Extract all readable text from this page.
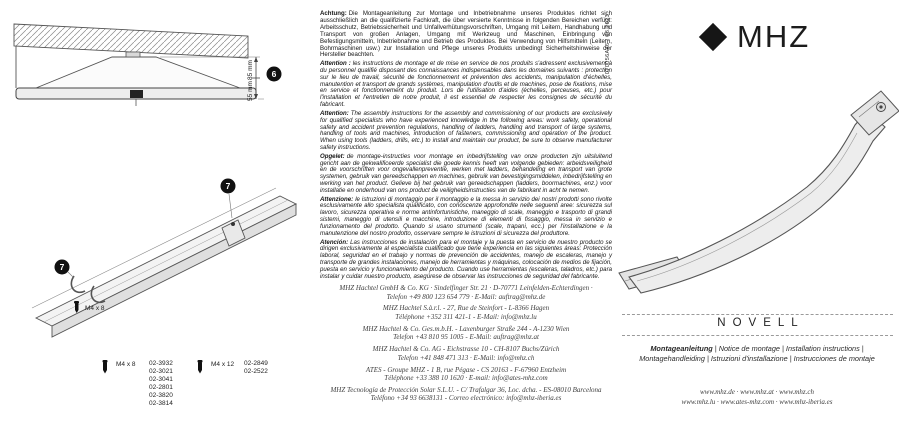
85 mm
55 mm
6
7
7
M4 x 8
M4 x 8	02-3932
02-3021
02-3041
02-2801
02-3820
02-3814
M4 x 12	02-2849
02-2522

Achtung: Die Montageanleitung zur Montage und Inbetriebnahme unseres Produktes richtet sich ausschließlich an die qualifizierte Fachkraft, die über versierte Kenntnisse in folgenden Bereichen verfügt: Arbeitsschutz, Betriebssicherheit und Unfallverhütungsvorschriften, Umgang mit Leitern, Handhabung und Transport von großen Anlagen, Umgang mit Werkzeug und Maschinen, Einbringung von Befestigungsmitteln, Inbetriebnahme und Betrieb des Produktes. Bei Verwendung von Hilfsmitteln (Leitern, Bohrmaschinen usw.) zur Installation und Pflege unseres Produkts unbedingt Sicherheitshinweise der Hersteller beachten.

Attention : les instructions de montage et de mise en service de nos produits s'adressent exclusivement à du personnel qualifié disposant des connaissances indispensables dans les domaines suivants : protection sur le lieu de travail, sécurité de fonctionnement et prévention des accidents, manipulation d'échelles, manutention et transport de grands systèmes, manipulation d'outils et de machines, pose de fixations, mise en service et fonctionnement du produit. Lors de l'utilisation d'aides (échelles, perceuses, etc.) pour l'installation et l'entretien de notre produit, il est essentiel de respecter les consignes de sécurité du fabricant.

Attention: The assembly instructions for the assembly and commissioning of our products are exclusively for qualified specialists who have experienced knowledge in the following areas: work safety, operational safety and accident prevention regulations, handling of ladders, handling and transport of large systems, handling of tools and machines, introduction of fasteners, commissioning and operation of the product. When using tools (ladders, drills, etc.) to install and maintain our product, be sure to observe manufacturer safety instructions.

Opgelet: de montage-instructies voor montage en inbedrijfstelling van onze producten zijn uitsluitend gericht aan de gekwalificeerde specialist die goede kennis heeft van volgende gebieden: arbeidsveiligheid en de voorschriften voor ongevallenpreventie, werken met ladders, behandeling en transport van grote systemen, gebruik van gereedschappen en machines, gebruik van bevestigingsmiddelen, inbedrijfstelling en werking van het product. Gelieve bij het gebruik van gereedschappen (ladders, boormachines, enz.) voor installatie en onderhoud van ons product de veiligheidsinstructies van de fabrikant in acht te nemen.

Attenzione: le istruzioni di montaggio per il montaggio e la messa in servizio dei nostri prodotti sono rivolte esclusivamente allo specialista qualificato, con conoscenze approfondite nelle seguenti aree: sicurezza sul lavoro, sicurezza operativa e norme antinfortunistiche, maneggio di scale, maneggio e trasporto di grandi sistemi, maneggio di utensili e macchine, introduzione di elementi di fissaggio, messa in servizio e funzionamento del prodotto. Quando si usano strumenti (scale, trapani, ecc.) per l'installazione e la manutenzione del nostro prodotto, osservare sempre le istruzioni di sicurezza del produttore.

Atención: Las instrucciones de instalación para el montaje y la puesta en servicio de nuestro producto se dirigen exclusivamente al especialista cualificado que tiene experiencia en las siguientes áreas: Protección laboral, seguridad en el trabajo y normas de prevención de accidentes, manejo de escaleras, manejo y transporte de grandes instalaciones, manejo de herramientas y máquinas, colocación de medios de fijación, puesta en servicio y funcionamiento del producto. Cuando use herramientas (escaleras, taladros, etc.) para instalar y cuidar nuestro producto, asegúrese de observar las instrucciones de seguridad del fabricante.

MHZ Hachtel GmbH & Co. KG · Sindelfinger Str. 21 · D-70771 Leinfelden-Echterdingen ·
Telefon +49 800 123 654 779 · E-Mail: auftrag@mhz.de
MHZ Hachtel S.à.r.l. - 27, Rue de Steinfort - L-8366 Hagen
Téléphone +352 311 421-1 - E-Mail: info@mhz.lu
MHZ Hachtel & Co. Ges.m.b.H. - Laxenburger Straße 244 - A-1230 Wien
Telefon +43 810 95 1005 - E-Mail: auftrag@mhz.at
MHZ Hachtel & Co. AG - Eichstrasse 10 - CH-8107 Buchs/Zürich
Telefon +41 848 471 313 · E-Mail: info@mhz.ch
ATES - Groupe MHZ - 1 B, rue Pégase - CS 20163 - F-67960 Entzheim
Téléphone +33 388 10 1620 · E-mail: info@ates-mhz.com
MHZ Tecnología de Protección Solar S.L.U. - C/ Trafalgar 36, Loc. dcha. - ES-08010 Barcelona
Teléfono +34 93 6638131 - Correo electrónico: info@mhz-iberia.es
070056A46 / 08.2023	MHZ
NOVELL
Montageanleitung | Notice de montage | Installation instructions |
Montagehandleiding | Istruzioni d'installazione | Instrucciones de montaje
www.mhz.de · www.mhz.at · www.mhz.ch
www.mhz.lu · www.ates-mhz.com · www.mhz-iberia.es
